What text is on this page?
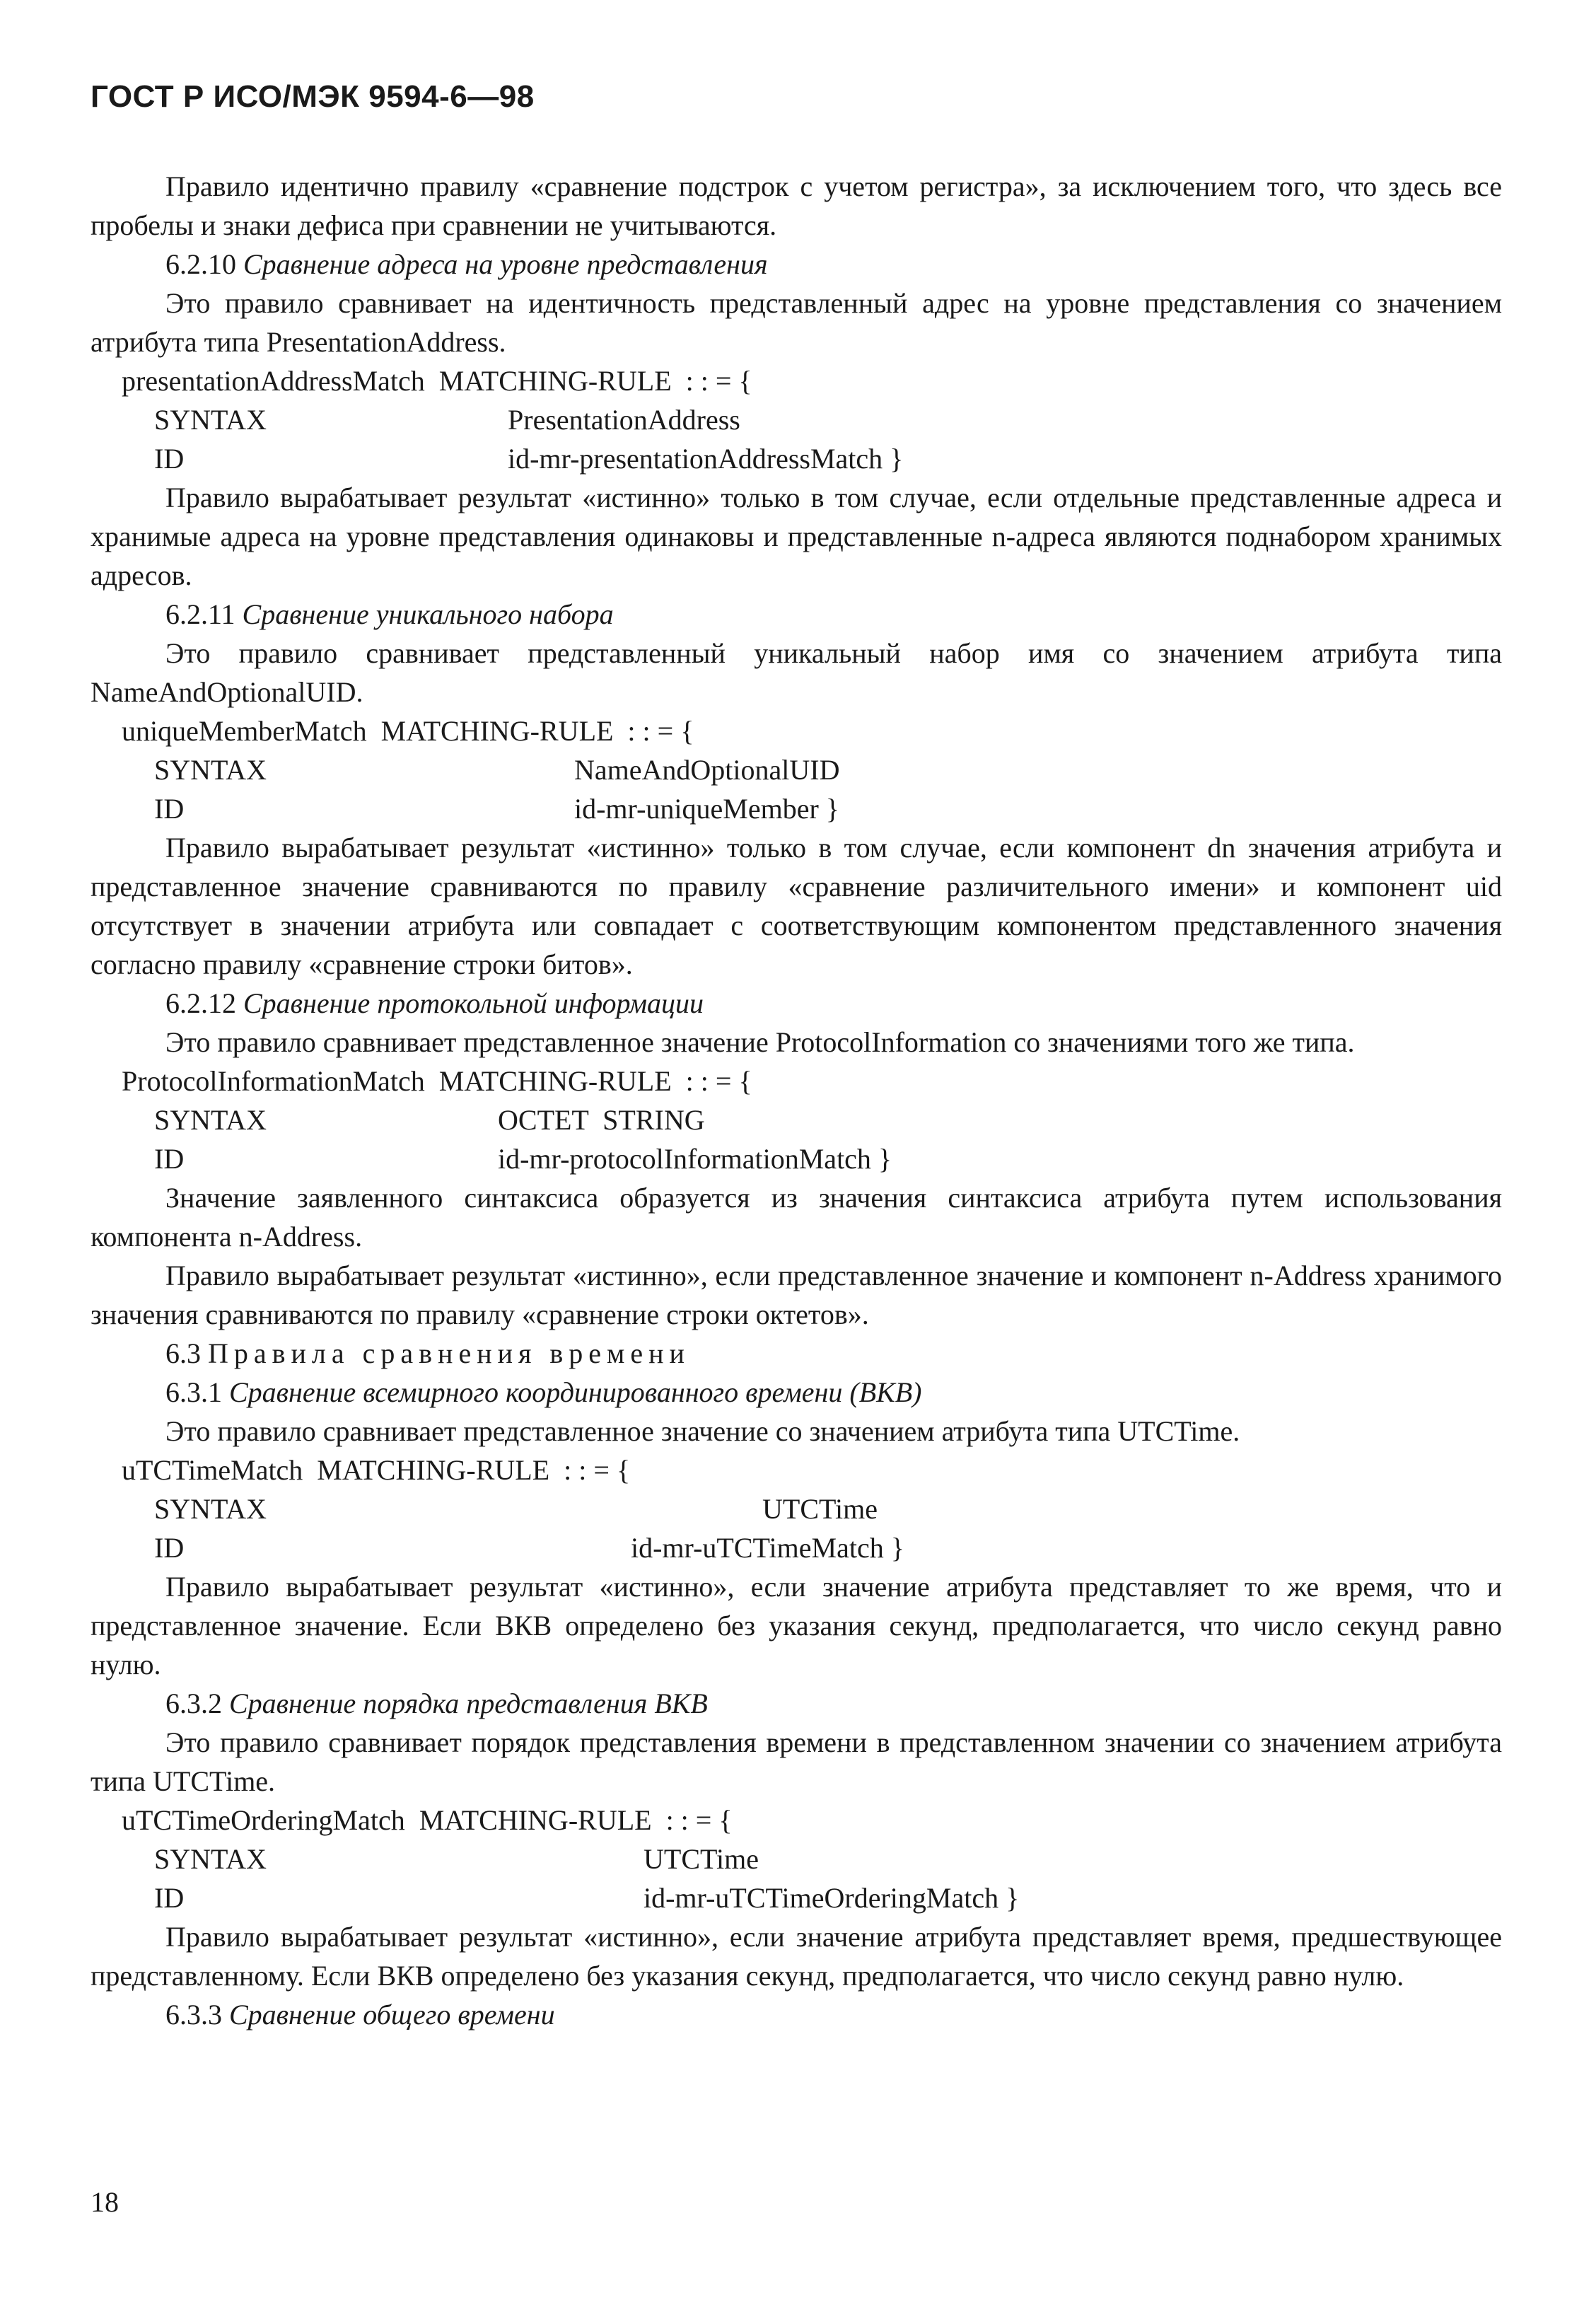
ГОСТ Р ИСО/МЭК 9594-6—98

Правило идентично правилу «сравнение подстрок с учетом регистра», за исключением того, что здесь все пробелы и знаки дефиса при сравнении не учитываются.

6.2.10 Сравнение адреса на уровне представления

Это правило сравнивает на идентичность представленный адрес на уровне представления со значением атрибута типа PresentationAddress.

presentationAddressMatch  MATCHING-RULE  : : = {

SYNTAX	PresentationAddress
ID	id-mr-presentationAddressMatch }

Правило вырабатывает результат «истинно» только в том случае, если отдельные представленные адреса и хранимые адреса на уровне представления одинаковы и представленные n-адреса являются поднабором хранимых адресов.

6.2.11 Сравнение уникального набора

Это правило сравнивает представленный уникальный набор имя со значением атрибута типа NameAndOptionalUID.

uniqueMemberMatch  MATCHING-RULE  : : = {

SYNTAX	NameAndOptionalUID
ID	id-mr-uniqueMember }

Правило вырабатывает результат «истинно» только в том случае, если компонент dn значения атрибута и представленное значение сравниваются по правилу «сравнение различительного имени» и компонент uid отсутствует в значении атрибута или совпадает с соответствующим компонентом представленного значения согласно правилу «сравнение строки битов».

6.2.12 Сравнение протокольной информации

Это правило сравнивает представленное значение ProtocolInformation со значениями того же типа.

ProtocolInformationMatch  MATCHING-RULE  : : = {

SYNTAX	OCTET  STRING
ID	id-mr-protocolInformationMatch }

Значение заявленного синтаксиса образуется из значения синтаксиса атрибута путем использования компонента n-Address.

Правило вырабатывает результат «истинно», если представленное значение и компонент n-Address хранимого значения сравниваются по правилу «сравнение строки октетов».

6.3 Правила сравнения времени

6.3.1 Сравнение всемирного координированного времени (ВКВ)

Это правило сравнивает представленное значение со значением атрибута типа UTCTime.

uTCTimeMatch  MATCHING-RULE  : : = {

SYNTAX	UTCTime
ID	id-mr-uTCTimeMatch }

Правило вырабатывает результат «истинно», если значение атрибута представляет то же время, что и представленное значение. Если ВКВ определено без указания секунд, предполагается, что число секунд равно нулю.

6.3.2 Сравнение порядка представления ВКВ

Это правило сравнивает порядок представления времени в представленном значении со значением атрибута типа UTCTime.

uTCTimeOrderingMatch  MATCHING-RULE  : : = {

SYNTAX	UTCTime
ID	id-mr-uTCTimeOrderingMatch }

Правило вырабатывает результат «истинно», если значение атрибута представляет время, предшествующее представленному. Если ВКВ определено без указания секунд, предполагается, что число секунд равно нулю.

6.3.3 Сравнение общего времени

18
